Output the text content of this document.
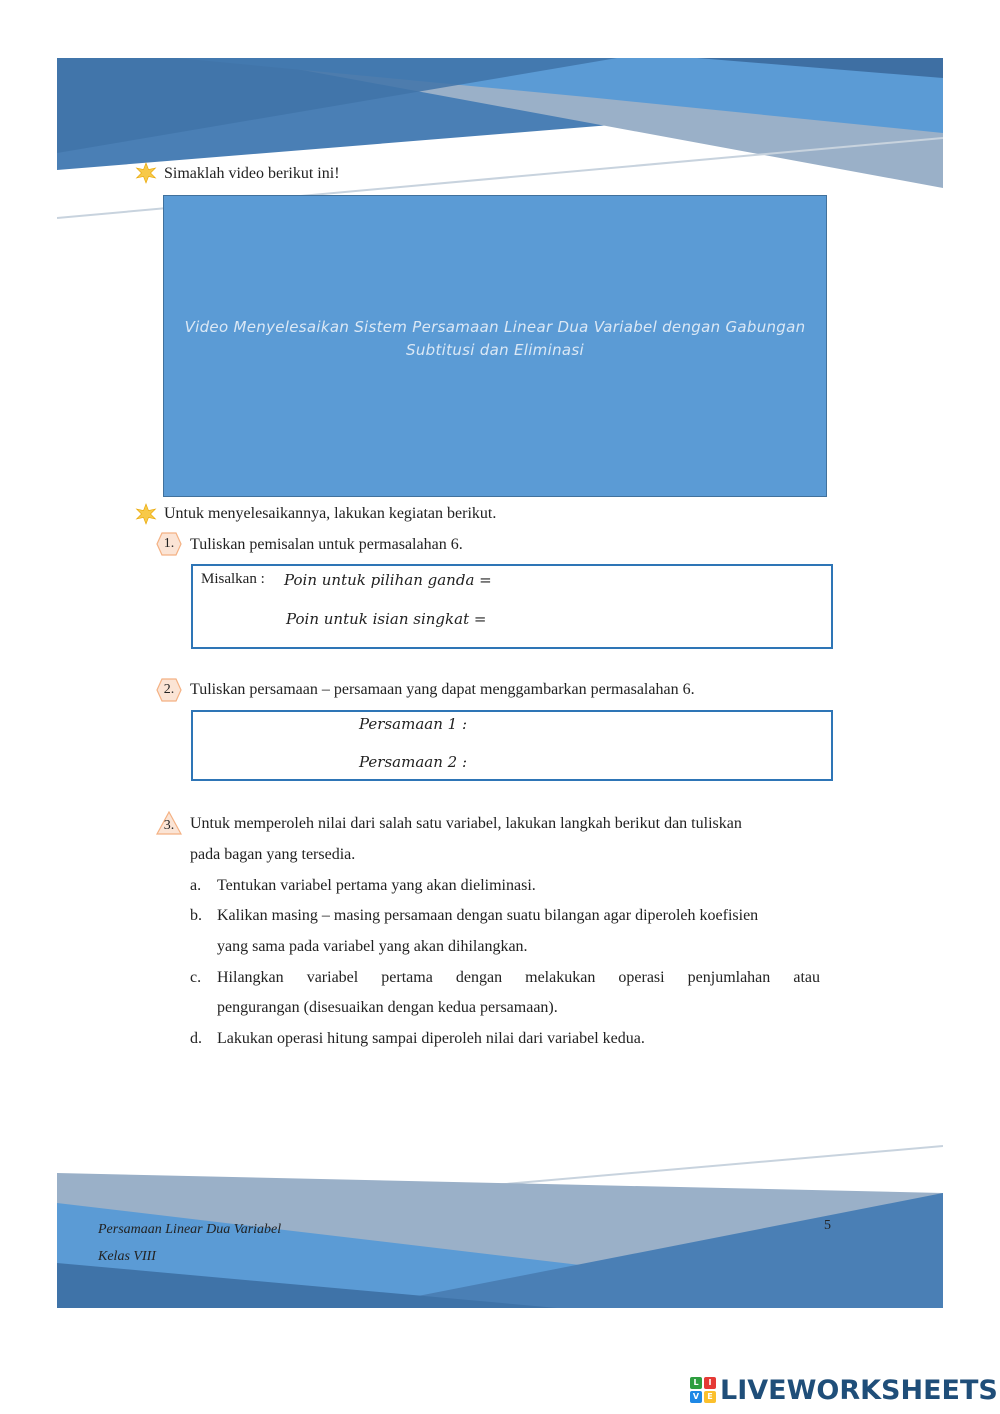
Simaklah video berikut ini!
Video Menyelesaikan Sistem Persamaan Linear Dua Variabel dengan Gabungan Subtitusi dan Eliminasi
Untuk menyelesaikannya, lakukan kegiatan berikut.
1. Tuliskan pemisalan untuk permasalahan 6.
Misalkan : Poin untuk pilihan ganda =
Poin untuk isian singkat =
2. Tuliskan persamaan – persamaan yang dapat menggambarkan permasalahan 6.
Persamaan 1 :
Persamaan 2 :
3. Untuk memperoleh nilai dari salah satu variabel, lakukan langkah berikut dan tuliskan
pada bagan yang tersedia.
a. Tentukan variabel pertama yang akan dieliminasi.
b. Kalikan masing – masing persamaan dengan suatu bilangan agar diperoleh koefisien
yang sama pada variabel yang akan dihilangkan.
c. Hilangkan variabel pertama dengan melakukan operasi penjumlahan atau
pengurangan (disesuaikan dengan kedua persamaan).
d. Lakukan operasi hitung sampai diperoleh nilai dari variabel kedua.
Persamaan Linear Dua Variabel
Kelas VIII
5
L	I
V	E LIVEWORKSHEETS
